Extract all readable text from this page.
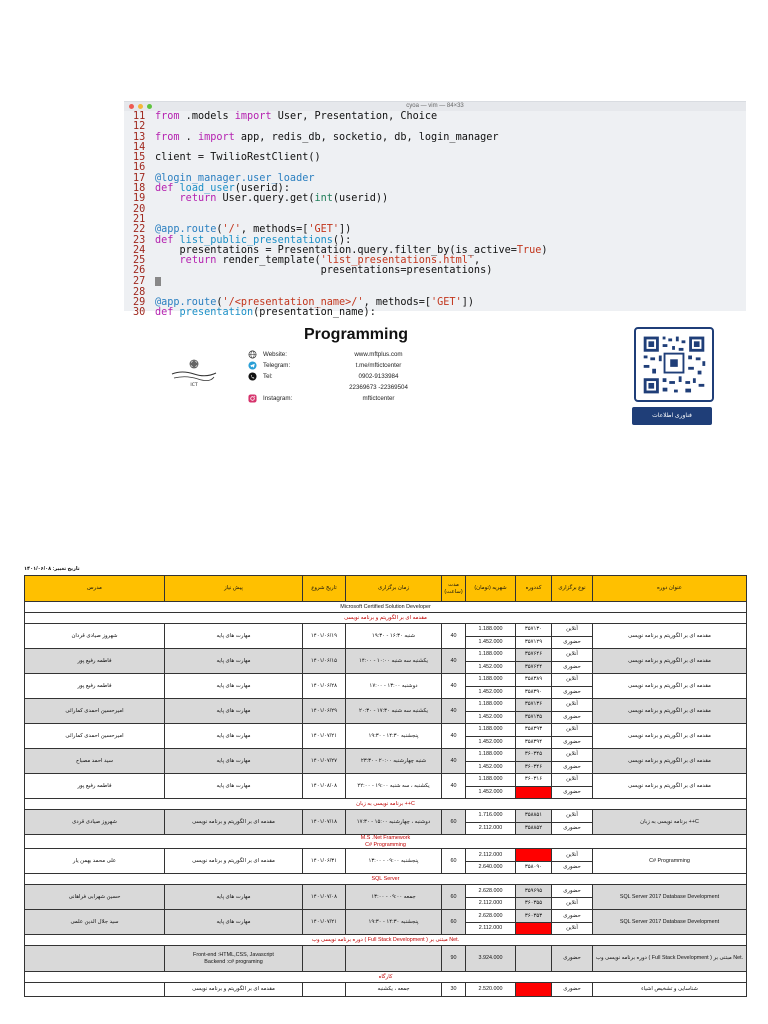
cyoa — vim — 84×33
11 from .models import User, Presentation, Choice
12
13 from . import app, redis_db, socketio, db, login_manager
14
15 client = TwilioRestClient()
16
17 @login_manager.user_loader
18 def load_user(userid):
19	return User.query.get(int(userid))
20
21
22 @app.route('/', methods=['GET'])
23 def list_public_presentations():
24 presentations = Presentation.query.filter_by(is_active=True)
25	return render_template('list_presentations.html',
26 presentations=presentations)
27
28
29 @app.route('/<presentation_name>/', methods=['GET'])
30 def presentation(presentation_name):
Programming
ICT
Website:	www.mftplus.com
Telegram:	t.me/mftictcenter
Tel:	0902-9133984
22369673 -22369504
Instagram:	mftictcenter
فناوری اطلاعات
تاریخ تغییر: ۱۴۰۱/۰۶/۰۸
مدرس	پیش نیاز	تاریخ شروع	زمان برگزاری	مدت (ساعت)	شهریه (تومان)	کددوره	نوع برگزاری	عنوان دوره
Microsoft Certified Solution Developer								
مقدمه ای بر الگوریتم و برنامه نویسی								
شهروز صیادی قردان	مهارت های پایه	۱۴۰۱/۰۶/۱۹	شنبه ۱۶:۳۰ - ۱۹:۳۰	40	1.188.000	۳۵۷۱۳۰	آنلاین	مقدمه ای بر الگوریتم و برنامه نویسی
					1.452.000	۳۵۷۱۲۹	حضوری	
فاطمه رفیع پور	مهارت های پایه	۱۴۰۱/۰۶/۱۵	یکشنبه سه شنبه ۱۰:۰۰ - ۱۴:۰۰	40	1.188.000	۳۵۷۶۴۶	آنلاین	مقدمه ای بر الگوریتم و برنامه نویسی
					1.452.000	۳۵۷۶۴۴	حضوری	
فاطمه رفیع پور	مهارت های پایه	۱۴۰۱/۰۶/۲۸	دوشنبه ۱۳:۰۰ - ۱۷:۰۰	40	1.188.000	۳۵۸۳۸۹	آنلاین	مقدمه ای بر الگوریتم و برنامه نویسی
					1.452.000	۳۵۸۳۹۰	حضوری	
امیرحسین احمدی کمارائی	مهارت های پایه	۱۴۰۱/۰۶/۲۹	یکشنبه سه شنبه ۱۷:۳۰ - ۲۰:۳۰	40	1.188.000	۳۵۷۱۳۶	آنلاین	مقدمه ای بر الگوریتم و برنامه نویسی
					1.452.000	۳۵۷۱۳۵	حضوری	
امیرحسین احمدی کمارائی	مهارت های پایه	۱۴۰۱/۰۷/۲۱	پنجشنبه ۱۴:۳۰ - ۱۹:۳۰	40	1.188.000	۳۵۸۳۹۳	آنلاین	مقدمه ای بر الگوریتم و برنامه نویسی
					1.452.000	۳۵۸۳۹۴	حضوری	
سید احمد مصباح	مهارت های پایه	۱۴۰۱/۰۷/۲۷	شنبه چهارشنبه ۲۰:۰۰ - ۲۳:۳۰	40	1.188.000	۳۶۰۳۴۵	آنلاین	مقدمه ای بر الگوریتم و برنامه نویسی
					1.452.000	۳۶۰۳۴۶	حضوری	
فاطمه رفیع پور	مهارت های پایه	۱۴۰۱/۰۸/۰۸	یکشنبه ، سه شنبه ۱۹:۰۰ - ۲۲:۰۰	40	1.188.000	۳۶۰۳۱۶	آنلاین	مقدمه ای بر الگوریتم و برنامه نویسی
					1.452.000		حضوری	
برنامه نویسی به زبان ++C								
شهروز صیادی قردی	مقدمه ای بر الگوریتم و برنامه نویسی	۱۴۰۱/۰۷/۱۸	دوشنبه ، چهارشنبه ۱۵:۰۰ - ۱۷:۳۰	60	1.716.000	۳۵۸۸۵۱	آنلاین	برنامه نویسی به زبان ++C
					2.112.000	۳۵۸۸۵۲	حضوری	

M.S .Net Framework
C# Programming								

علی محمد بهمن یار	مقدمه ای بر الگوریتم و برنامه نویسی	۱۴۰۱/۰۶/۳۱	پنجشنبه ۰۹:۰۰ - ۱۳:۰۰	60	2.112.000		آنلاین	C# Programming
					2.640.000	۳۵۸۰۹۰	حضوری	
SQL Server								
حسین شهرابی فراهانی	مهارت های پایه	۱۴۰۱/۰۷/۰۸	جمعه ۰۹:۰۰ - ۱۳:۰۰	60	2.628.000	۳۵۹۶۹۵	حضوری	SQL Server 2017 Database Development
					2.112.000	۳۶۰۳۵۵	آنلاین	
سید جلال الدین علمی	مهارت های پایه	۱۴۰۱/۰۷/۲۱	پنجشنبه ۱۴:۳۰ - ۱۹:۳۰	60	2.628.000	۳۶۰۳۵۳	حضوری	SQL Server 2017 Database Development
					2.112.000		آنلاین	
دوره برنامه نویسی وب ( Full Stack Development ) مبتنی بر Net.								

	Front-end :HTML,CSS, Javascript
Backend :c# programing			90	3.924.000		حضوری	دوره برنامه نویسی وب ( Full Stack Development ) مبتنی بر Net.
کارگاه								
	مقدمه ای بر الگوریتم و برنامه نویسی		جمعه ، یکشنبه	30	2.520.000		حضوری	شناسایی و تشخیص اشیاء
